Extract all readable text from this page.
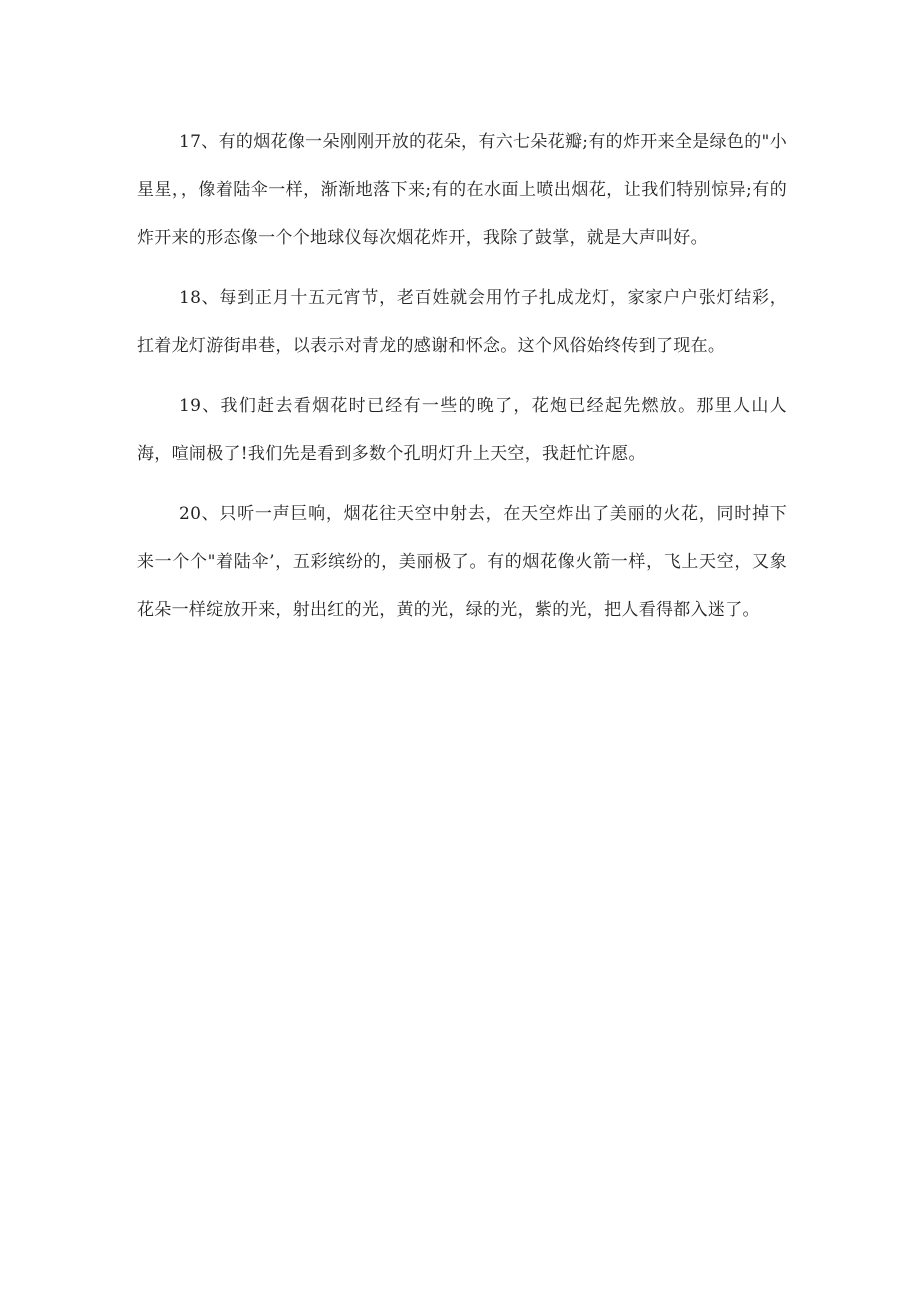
17、有的烟花像一朵刚刚开放的花朵，有六七朵花瓣;有的炸开来全是绿色的"小星星，，像着陆伞一样，渐渐地落下来;有的在水面上喷出烟花，让我们特别惊异;有的炸开来的形态像一个个地球仪每次烟花炸开，我除了鼓掌，就是大声叫好。

18、每到正月十五元宵节，老百姓就会用竹子扎成龙灯，家家户户张灯结彩，扛着龙灯游街串巷，以表示对青龙的感谢和怀念。这个风俗始终传到了现在。

19、我们赶去看烟花时已经有一些的晚了，花炮已经起先燃放。那里人山人海，喧闹极了!我们先是看到多数个孔明灯升上天空，我赶忙许愿。

20、只听一声巨响，烟花往天空中射去，在天空炸出了美丽的火花，同时掉下来一个个"着陆伞’，五彩缤纷的，美丽极了。有的烟花像火箭一样，飞上天空，又象花朵一样绽放开来，射出红的光，黄的光，绿的光，紫的光，把人看得都入迷了。
